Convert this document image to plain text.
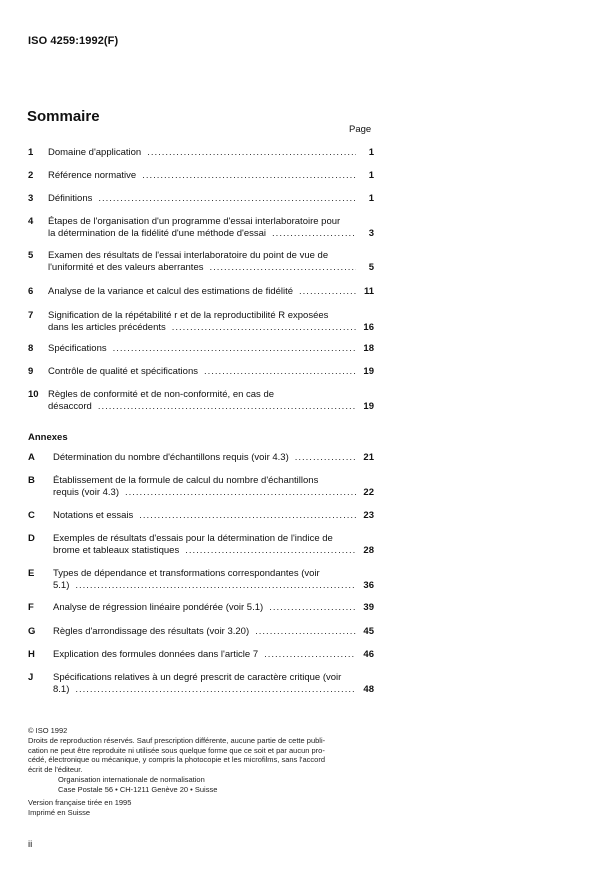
ISO 4259:1992(F)
Sommaire
Page
1 Domaine d'application .....	1
2 Référence normative .....	1
3 Définitions .....	1
4 Étapes de l'organisation d'un programme d'essai interlaboratoire pour
la détermination de la fidélité d'une méthode d'essai .....	3
5 Examen des résultats de l'essai interlaboratoire du point de vue de
l'uniformité et des valeurs aberrantes .....	5
6 Analyse de la variance et calcul des estimations de fidélité .....	11
7 Signification de la répétabilité r et de la reproductibilité R exposées
dans les articles précédents .....	16
8 Spécifications .....	18
9 Contrôle de qualité et spécifications .....	19
10 Règles de conformité et de non-conformité, en cas de
désaccord .....	19
Annexes
A Détermination du nombre d'échantillons requis (voir 4.3) .....	21
B Établissement de la formule de calcul du nombre d'échantillons
requis (voir 4.3) .....	22
C Notations et essais .....	23
D Exemples de résultats d'essais pour la détermination de l'indice de
brome et tableaux statistiques .....	28
E Types de dépendance et transformations correspondantes (voir
5.1) .....	36
F Analyse de régression linéaire pondérée (voir 5.1) .....	39
G Règles d'arrondissage des résultats (voir 3.20) .....	45
H Explication des formules données dans l'article 7 .....	46
J Spécifications relatives à un degré prescrit de caractère critique (voir
8.1) .....	48
© ISO 1992
Droits de reproduction réservés. Sauf prescription différente, aucune partie de cette publi-
cation ne peut être reproduite ni utilisée sous quelque forme que ce soit et par aucun pro-
cédé, électronique ou mécanique, y compris la photocopie et les microfilms, sans l'accord
écrit de l'éditeur.
Organisation internationale de normalisation
Case Postale 56 • CH-1211 Genève 20 • Suisse
Version française tirée en 1995
Imprimé en Suisse
ii
